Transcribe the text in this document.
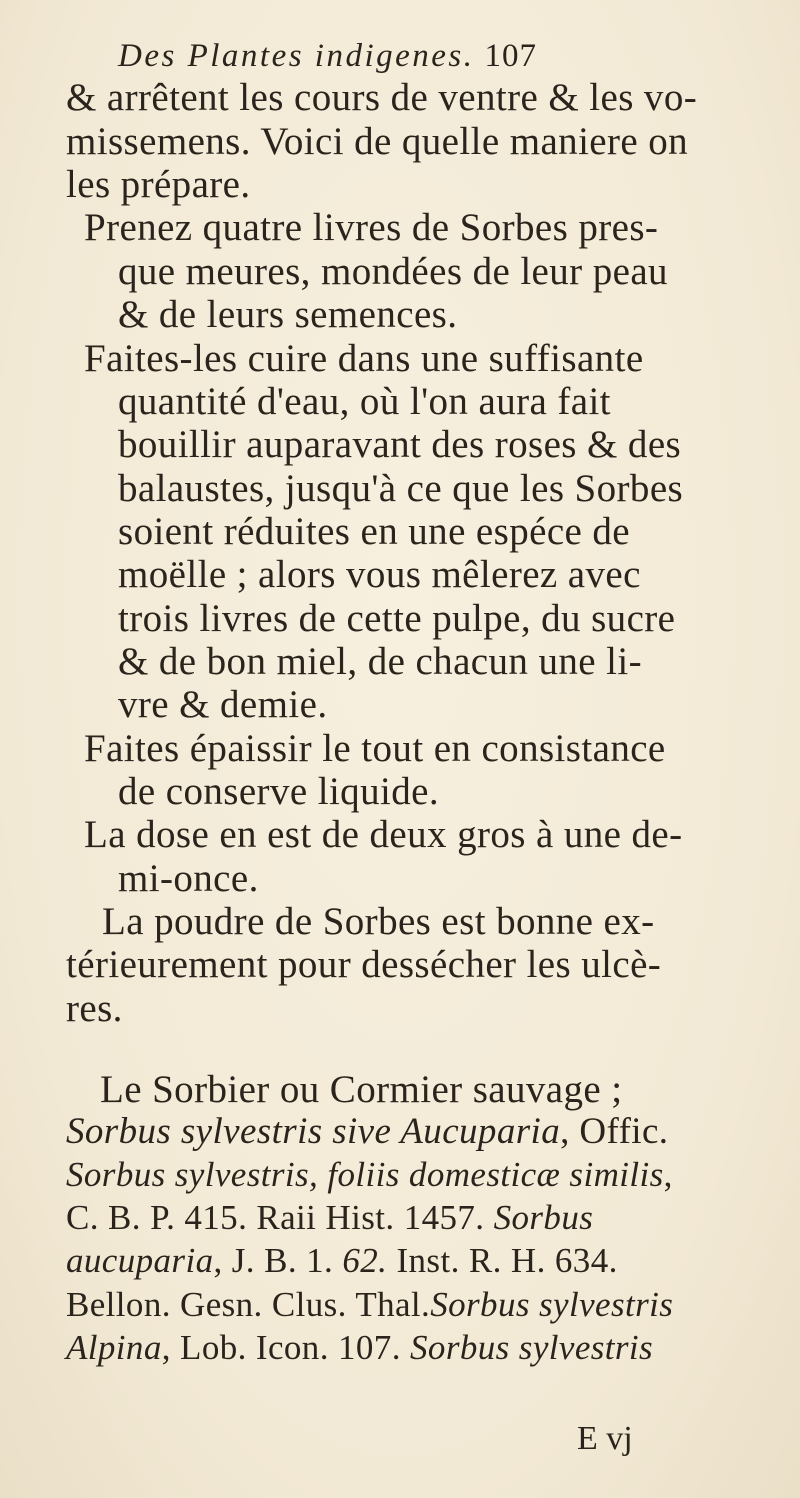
Des Plantes indigenes. 107
& arrêtent les cours de ventre & les vo-
missemens. Voici de quelle maniere on
les prépare.
Prenez quatre livres de Sorbes pres-
que meures, mondées de leur peau
& de leurs semences.
Faites-les cuire dans une suffisante
quantité d'eau, où l'on aura fait
bouillir auparavant des roses & des
balaustes, jusqu'à ce que les Sorbes
soient réduites en une espéce de
moëlle ; alors vous mêlerez avec
trois livres de cette pulpe, du sucre
& de bon miel, de chacun une li-
vre & demie.
Faites épaissir le tout en consistance
de conserve liquide.
La dose en est de deux gros à une de-
mi-once.
La poudre de Sorbes est bonne ex-
térieurement pour dessécher les ulcè-
res.
Le Sorbier ou Cormier sauvage ;
Sorbus sylvestris sive Aucuparia, Offic.
Sorbus sylvestris, foliis domesticæ similis,
C. B. P. 415. Raii Hist. 1457. Sorbus
aucuparia, J. B. 1. 62. Inst. R. H. 634.
Bellon. Gesn. Clus. Thal.Sorbus sylvestris
Alpina, Lob. Icon. 107. Sorbus sylvestris
E vj
